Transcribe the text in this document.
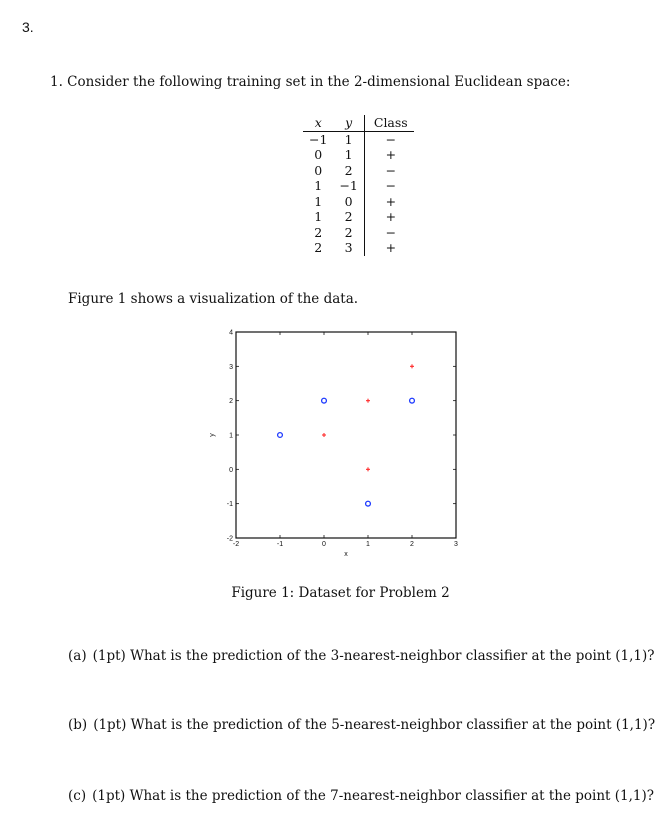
3.
1. Consider the following training set in the 2-dimensional Euclidean space:
x	y	Class
−1	1	−
0	1	+
0	2	−
1	−1	−
1	0	+
1	2	+
2	2	−
2	3	+
Figure 1 shows a visualization of the data.
-2	-1	0	1	2	3
-2
-1
0
1
2
3
4
x
y
Figure 1: Dataset for Problem 2
(a) (1pt) What is the prediction of the 3-nearest-neighbor classifier at the point (1,1)?
(b) (1pt) What is the prediction of the 5-nearest-neighbor classifier at the point (1,1)?
(c) (1pt) What is the prediction of the 7-nearest-neighbor classifier at the point (1,1)?
